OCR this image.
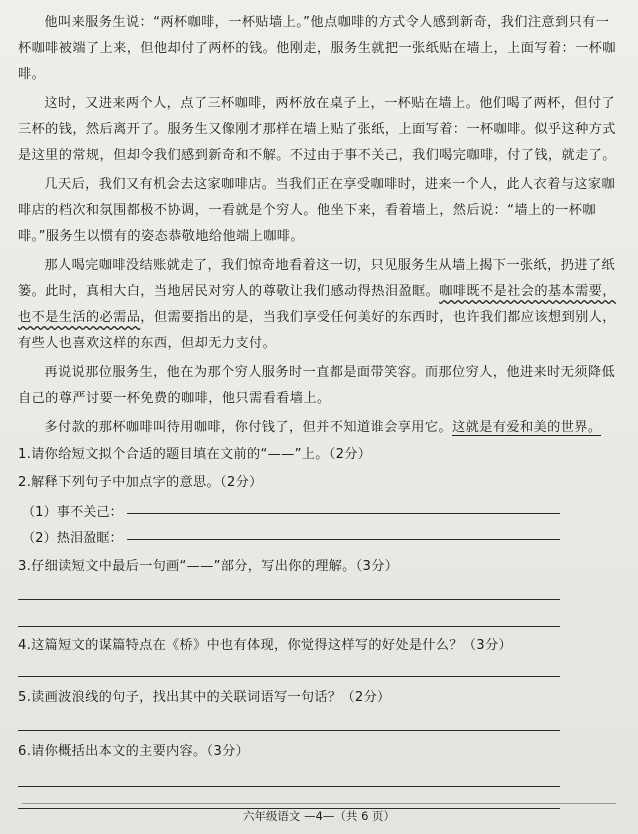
他叫来服务生说：“两杯咖啡，一杯贴墙上。”他点咖啡的方式令人感到新奇，我们注意到只有一杯咖啡被端了上来，但他却付了两杯的钱。他刚走，服务生就把一张纸贴在墙上，上面写着：一杯咖啡。

这时，又进来两个人，点了三杯咖啡，两杯放在桌子上，一杯贴在墙上。他们喝了两杯，但付了三杯的钱，然后离开了。服务生又像刚才那样在墙上贴了张纸，上面写着：一杯咖啡。似乎这种方式是这里的常规，但却令我们感到新奇和不解。不过由于事不关己，我们喝完咖啡，付了钱，就走了。

几天后，我们又有机会去这家咖啡店。当我们正在享受咖啡时，进来一个人，此人衣着与这家咖啡店的档次和氛围都极不协调，一看就是个穷人。他坐下来，看着墙上，然后说：“墙上的一杯咖啡。”服务生以惯有的姿态恭敬地给他端上咖啡。

那人喝完咖啡没结账就走了，我们惊奇地看着这一切，只见服务生从墙上揭下一张纸，扔进了纸篓。此时，真相大白，当地居民对穷人的尊敬让我们感动得热泪盈眶。咖啡既不是社会的基本需要，也不是生活的必需品，但需要指出的是，当我们享受任何美好的东西时，也许我们都应该想到别人，有些人也喜欢这样的东西，但却无力支付。

再说说那位服务生，他在为那个穷人服务时一直都是面带笑容。而那位穷人，他进来时无须降低自己的尊严讨要一杯免费的咖啡，他只需看看墙上。

多付款的那杯咖啡叫待用咖啡，你付钱了，但并不知道谁会享用它。这就是有爱和美的世界。

1.请你给短文拟个合适的题目填在文前的“——”上。（2分）

2.解释下列句子中加点字的意思。（2分）

（1）事不关己：
（2）热泪盈眶：

3.仔细读短文中最后一句画“——”部分，写出你的理解。（3分）

4.这篇短文的谋篇特点在《桥》中也有体现，你觉得这样写的好处是什么？（3分）

5.读画波浪线的句子，找出其中的关联词语写一句话？（2分）

6.请你概括出本文的主要内容。（3分）

六年级语文 —4—（共 6 页）
